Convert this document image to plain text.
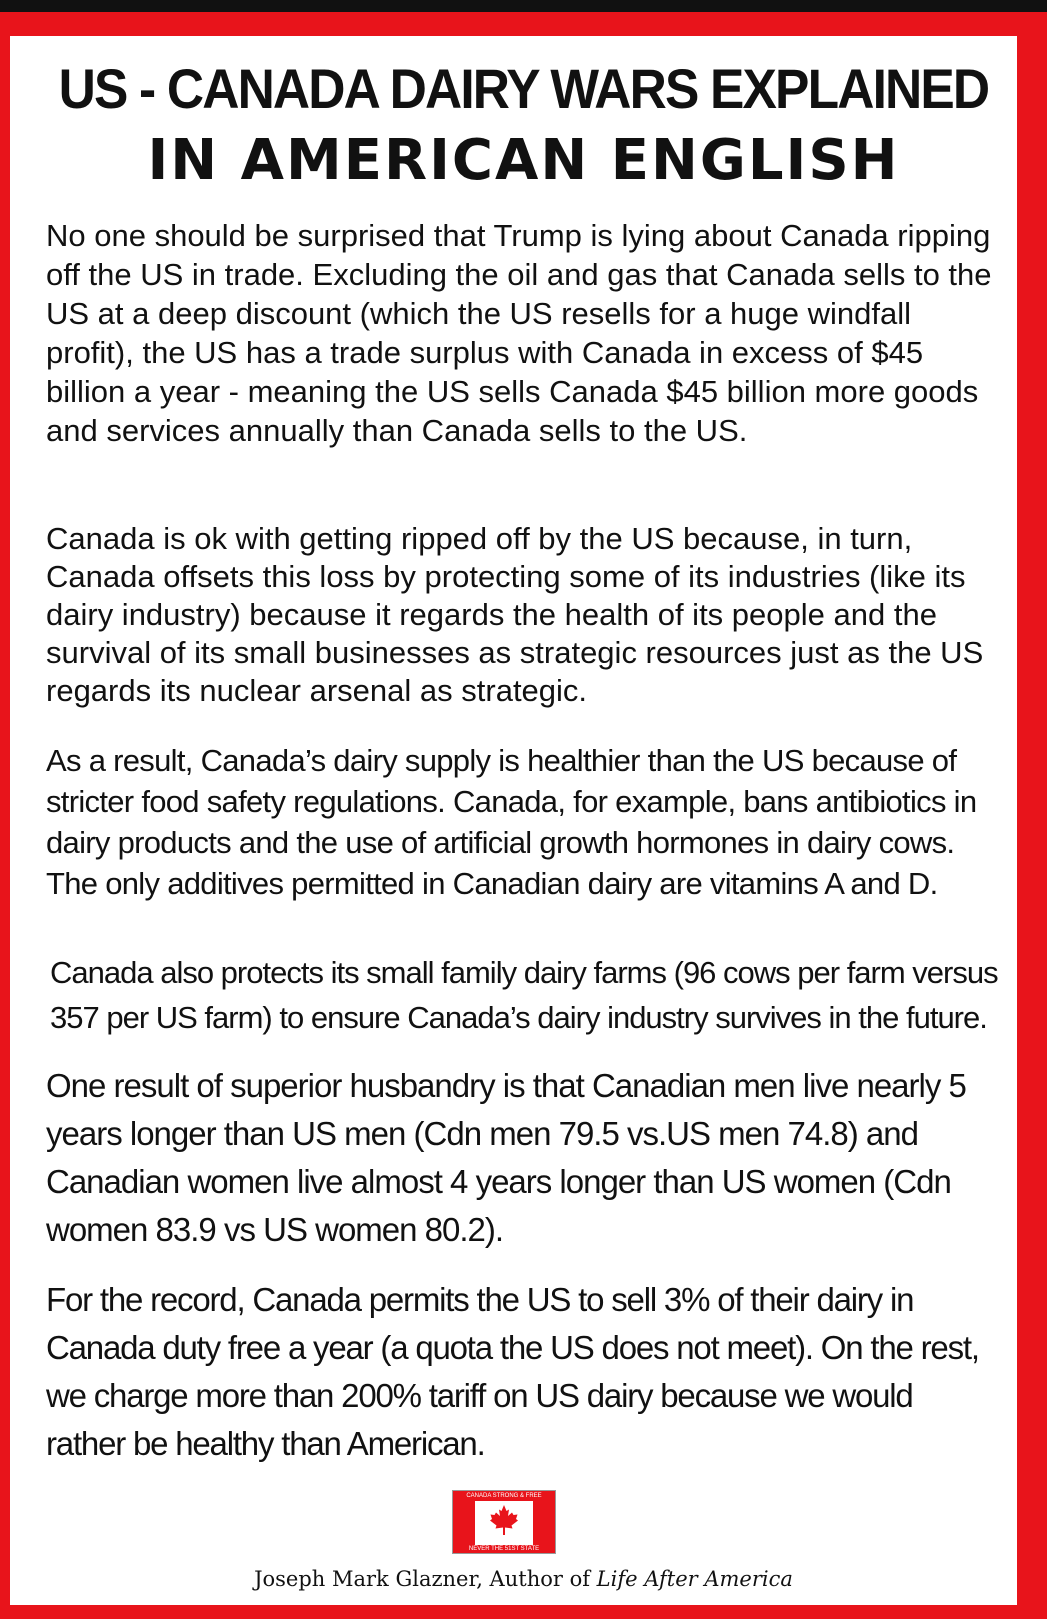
US - CANADA DAIRY WARS EXPLAINED
IN AMERICAN ENGLISH

No one should be surprised that Trump is lying about Canada ripping off the US in trade. Excluding the oil and gas that Canada sells to the US at a deep discount (which the US resells for a huge windfall profit), the US has a trade surplus with Canada in excess of $45 billion a year - meaning the US sells Canada $45 billion more goods and services annually than Canada sells to the US.

Canada is ok with getting ripped off by the US because, in turn, Canada offsets this loss by protecting some of its industries (like its dairy industry) because it regards the health of its people and the survival of its small businesses as strategic resources just as the US regards its nuclear arsenal as strategic.

As a result, Canada’s dairy supply is healthier than the US because of stricter food safety regulations. Canada, for example, bans antibiotics in dairy products and the use of artificial growth hormones in dairy cows. The only additives permitted in Canadian dairy are vitamins A and D.

Canada also protects its small family dairy farms (96 cows per farm versus 357 per US farm) to ensure Canada’s dairy industry survives in the future.

One result of superior husbandry is that Canadian men live nearly 5 years longer than US men (Cdn men 79.5 vs.US men 74.8) and Canadian women live almost 4 years longer than US women (Cdn women 83.9 vs US women 80.2).

For the record, Canada permits the US to sell 3% of their dairy in Canada duty free a year (a quota the US does not meet). On the rest, we charge more than 200% tariff on US dairy because we would rather be healthy than American.

CANADA STRONG & FREE
NEVER THE 51ST STATE

Joseph Mark Glazner, Author of Life After America
